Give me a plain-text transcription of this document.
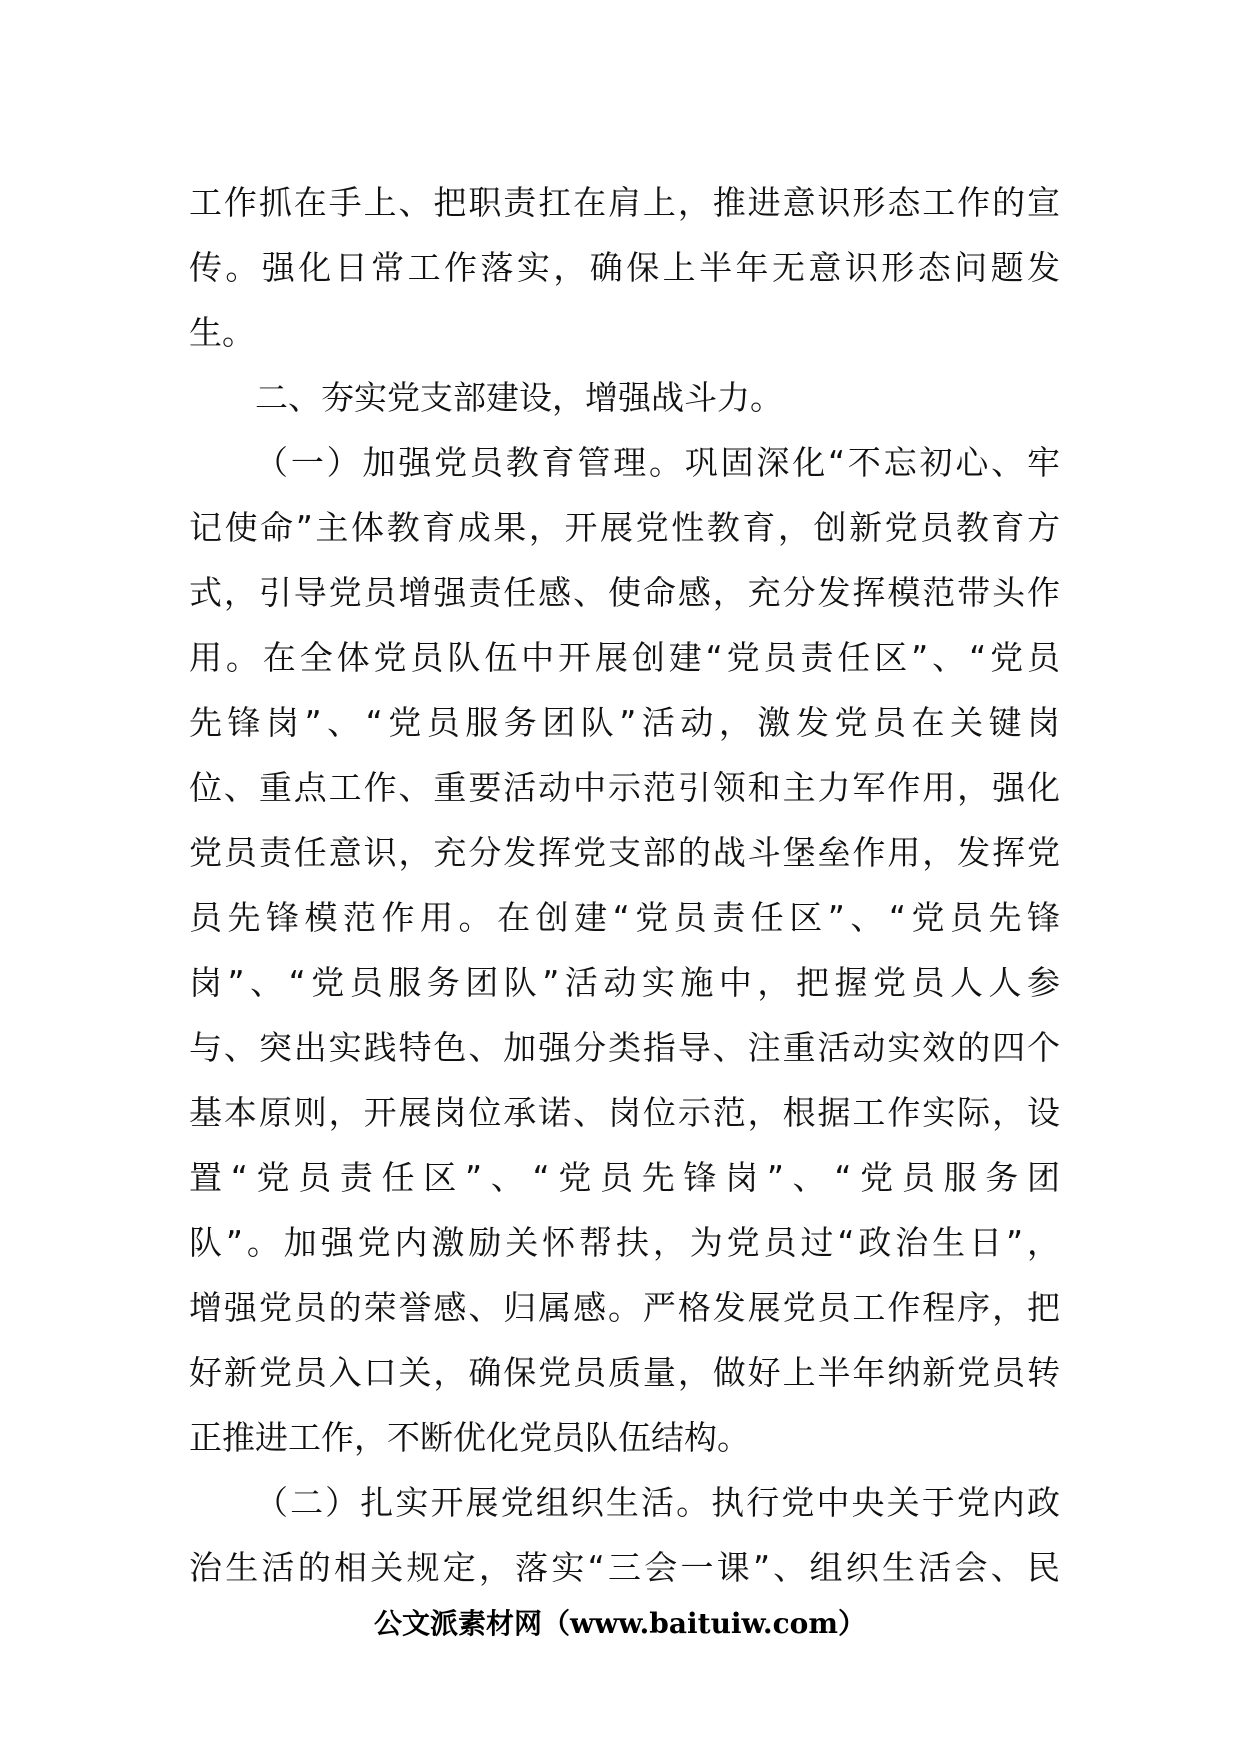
工作抓在手上、把职责扛在肩上，推进意识形态工作的宣
传。强化日常工作落实，确保上半年无意识形态问题发
生。
二、夯实党支部建设，增强战斗力。
（一）加强党员教育管理。巩固深化“不忘初心、牢
记使命”主体教育成果，开展党性教育，创新党员教育方
式，引导党员增强责任感、使命感，充分发挥模范带头作
用。在全体党员队伍中开展创建“党员责任区”、“党员
先锋岗”、“党员服务团队”活动，激发党员在关键岗
位、重点工作、重要活动中示范引领和主力军作用，强化
党员责任意识，充分发挥党支部的战斗堡垒作用，发挥党
员先锋模范作用。在创建“党员责任区”、“党员先锋
岗”、“党员服务团队”活动实施中，把握党员人人参
与、突出实践特色、加强分类指导、注重活动实效的四个
基本原则，开展岗位承诺、岗位示范，根据工作实际，设
置“党员责任区”、“党员先锋岗”、“党员服务团
队”。加强党内激励关怀帮扶，为党员过“政治生日”，
增强党员的荣誉感、归属感。严格发展党员工作程序，把
好新党员入口关，确保党员质量，做好上半年纳新党员转
正推进工作，不断优化党员队伍结构。
（二）扎实开展党组织生活。执行党中央关于党内政
治生活的相关规定，落实“三会一课”、组织生活会、民
公文派素材网（www.baituiw.com）
